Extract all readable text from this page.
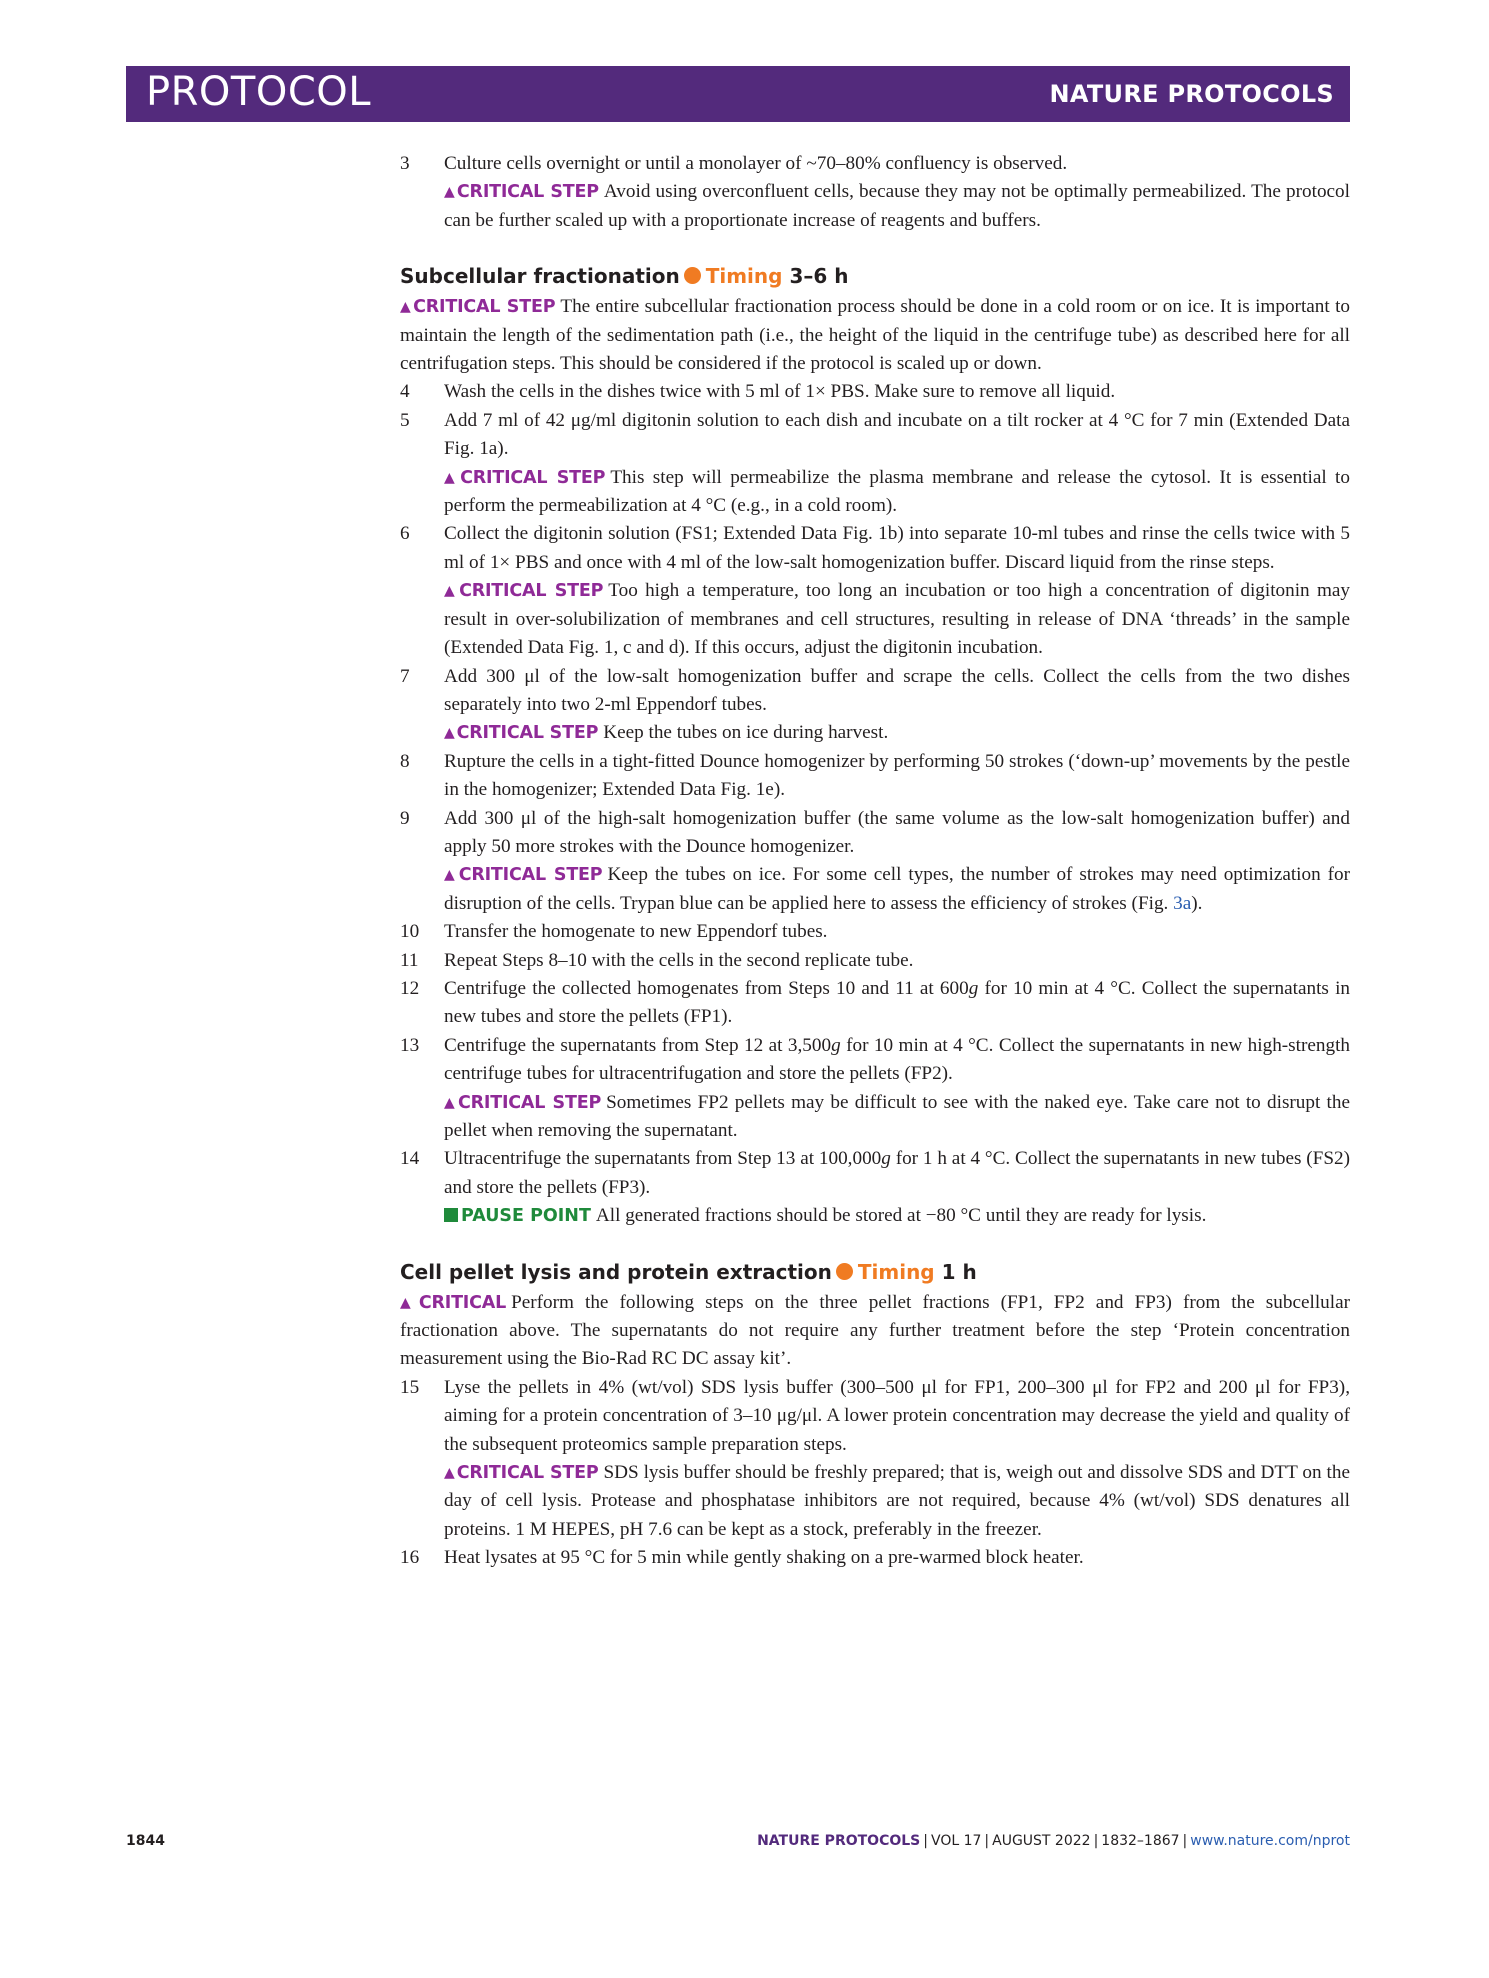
PROTOCOL	NATURE PROTOCOLS
3 Culture cells overnight or until a monolayer of ~70–80% confluency is observed.
▲ CRITICAL STEP Avoid using overconfluent cells, because they may not be optimally permeabilized. The protocol can be further scaled up with a proportionate increase of reagents and buffers.
Subcellular fractionation Timing 3–6 h
▲ CRITICAL STEP The entire subcellular fractionation process should be done in a cold room or on ice. It is important to maintain the length of the sedimentation path (i.e., the height of the liquid in the centrifuge tube) as described here for all centrifugation steps. This should be considered if the protocol is scaled up or down.
4 Wash the cells in the dishes twice with 5 ml of 1× PBS. Make sure to remove all liquid.
5 Add 7 ml of 42 μg/ml digitonin solution to each dish and incubate on a tilt rocker at 4 °C for 7 min (Extended Data Fig. 1a).
▲ CRITICAL STEP This step will permeabilize the plasma membrane and release the cytosol. It is essential to perform the permeabilization at 4 °C (e.g., in a cold room).
6 Collect the digitonin solution (FS1; Extended Data Fig. 1b) into separate 10-ml tubes and rinse the cells twice with 5 ml of 1× PBS and once with 4 ml of the low-salt homogenization buffer. Discard liquid from the rinse steps.
▲ CRITICAL STEP Too high a temperature, too long an incubation or too high a concentration of digitonin may result in over-solubilization of membranes and cell structures, resulting in release of DNA ‘threads’ in the sample (Extended Data Fig. 1, c and d). If this occurs, adjust the digitonin incubation.
7 Add 300 μl of the low-salt homogenization buffer and scrape the cells. Collect the cells from the two dishes separately into two 2-ml Eppendorf tubes.
▲ CRITICAL STEP Keep the tubes on ice during harvest.
8 Rupture the cells in a tight-fitted Dounce homogenizer by performing 50 strokes (‘down-up’ movements by the pestle in the homogenizer; Extended Data Fig. 1e).
9 Add 300 μl of the high-salt homogenization buffer (the same volume as the low-salt homogenization buffer) and apply 50 more strokes with the Dounce homogenizer.
▲ CRITICAL STEP Keep the tubes on ice. For some cell types, the number of strokes may need optimization for disruption of the cells. Trypan blue can be applied here to assess the efficiency of strokes (Fig. 3a).
10 Transfer the homogenate to new Eppendorf tubes.
11 Repeat Steps 8–10 with the cells in the second replicate tube.
12 Centrifuge the collected homogenates from Steps 10 and 11 at 600g for 10 min at 4 °C. Collect the supernatants in new tubes and store the pellets (FP1).
13 Centrifuge the supernatants from Step 12 at 3,500g for 10 min at 4 °C. Collect the supernatants in new high-strength centrifuge tubes for ultracentrifugation and store the pellets (FP2).
▲ CRITICAL STEP Sometimes FP2 pellets may be difficult to see with the naked eye. Take care not to disrupt the pellet when removing the supernatant.
14 Ultracentrifuge the supernatants from Step 13 at 100,000g for 1 h at 4 °C. Collect the supernatants in new tubes (FS2) and store the pellets (FP3).
PAUSE POINT All generated fractions should be stored at −80 °C until they are ready for lysis.
Cell pellet lysis and protein extraction Timing 1 h
▲ CRITICAL Perform the following steps on the three pellet fractions (FP1, FP2 and FP3) from the subcellular fractionation above. The supernatants do not require any further treatment before the step ‘Protein concentration measurement using the Bio-Rad RC DC assay kit’.
15 Lyse the pellets in 4% (wt/vol) SDS lysis buffer (300–500 μl for FP1, 200–300 μl for FP2 and 200 μl for FP3), aiming for a protein concentration of 3–10 μg/μl. A lower protein concentration may decrease the yield and quality of the subsequent proteomics sample preparation steps.
▲ CRITICAL STEP SDS lysis buffer should be freshly prepared; that is, weigh out and dissolve SDS and DTT on the day of cell lysis. Protease and phosphatase inhibitors are not required, because 4% (wt/vol) SDS denatures all proteins. 1 M HEPES, pH 7.6 can be kept as a stock, preferably in the freezer.
16 Heat lysates at 95 °C for 5 min while gently shaking on a pre-warmed block heater.
1844	NATURE PROTOCOLS | VOL 17 | AUGUST 2022 | 1832–1867 | www.nature.com/nprot
